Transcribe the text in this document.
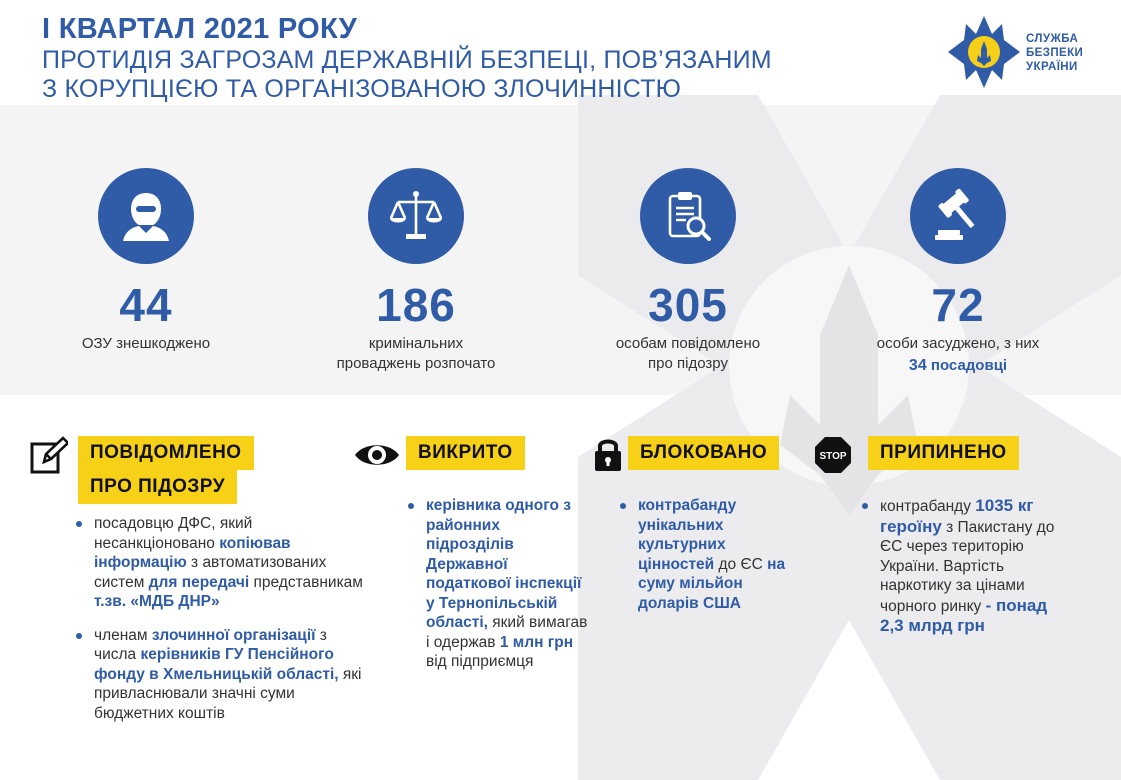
І КВАРТАЛ 2021 РОКУ
ПРОТИДІЯ ЗАГРОЗАМ ДЕРЖАВНІЙ БЕЗПЕЦІ, ПОВ’ЯЗАНИМ
З КОРУПЦІЄЮ ТА ОРГАНІЗОВАНОЮ ЗЛОЧИННІСТЮ
СЛУЖБА
БЕЗПЕКИ
УКРАЇНИ
44
ОЗУ знешкоджено
186
кримінальних
проваджень розпочато
305
особам повідомлено
про підозру
72
особи засуджено, з них
34 посадовці
ПОВІДОМЛЕНО
ПРО ПІДОЗРУ
посадовцю ДФС, який несанкціоновано копіював інформацію з автоматизованих систем для передачі представникам т.зв. «МДБ ДНР»
членам злочинної організації з числа керівників ГУ Пенсійного фонду в Хмельницькій області, які привласнювали значні суми бюджетних коштів
ВИКРИТО
керівника одного з районних підрозділів Державної податкової інспекції у Тернопільській області, який вимагав і одержав 1 млн грн від підприємця
БЛОКОВАНО
контрабанду унікальних культурних цінностей до ЄС на суму мільйон доларів США
STOP	ПРИПИНЕНО
контрабанду 1035 кг героїну з Пакистану до ЄС через територію України. Вартість наркотику за цінами чорного ринку - понад 2,3 млрд грн
